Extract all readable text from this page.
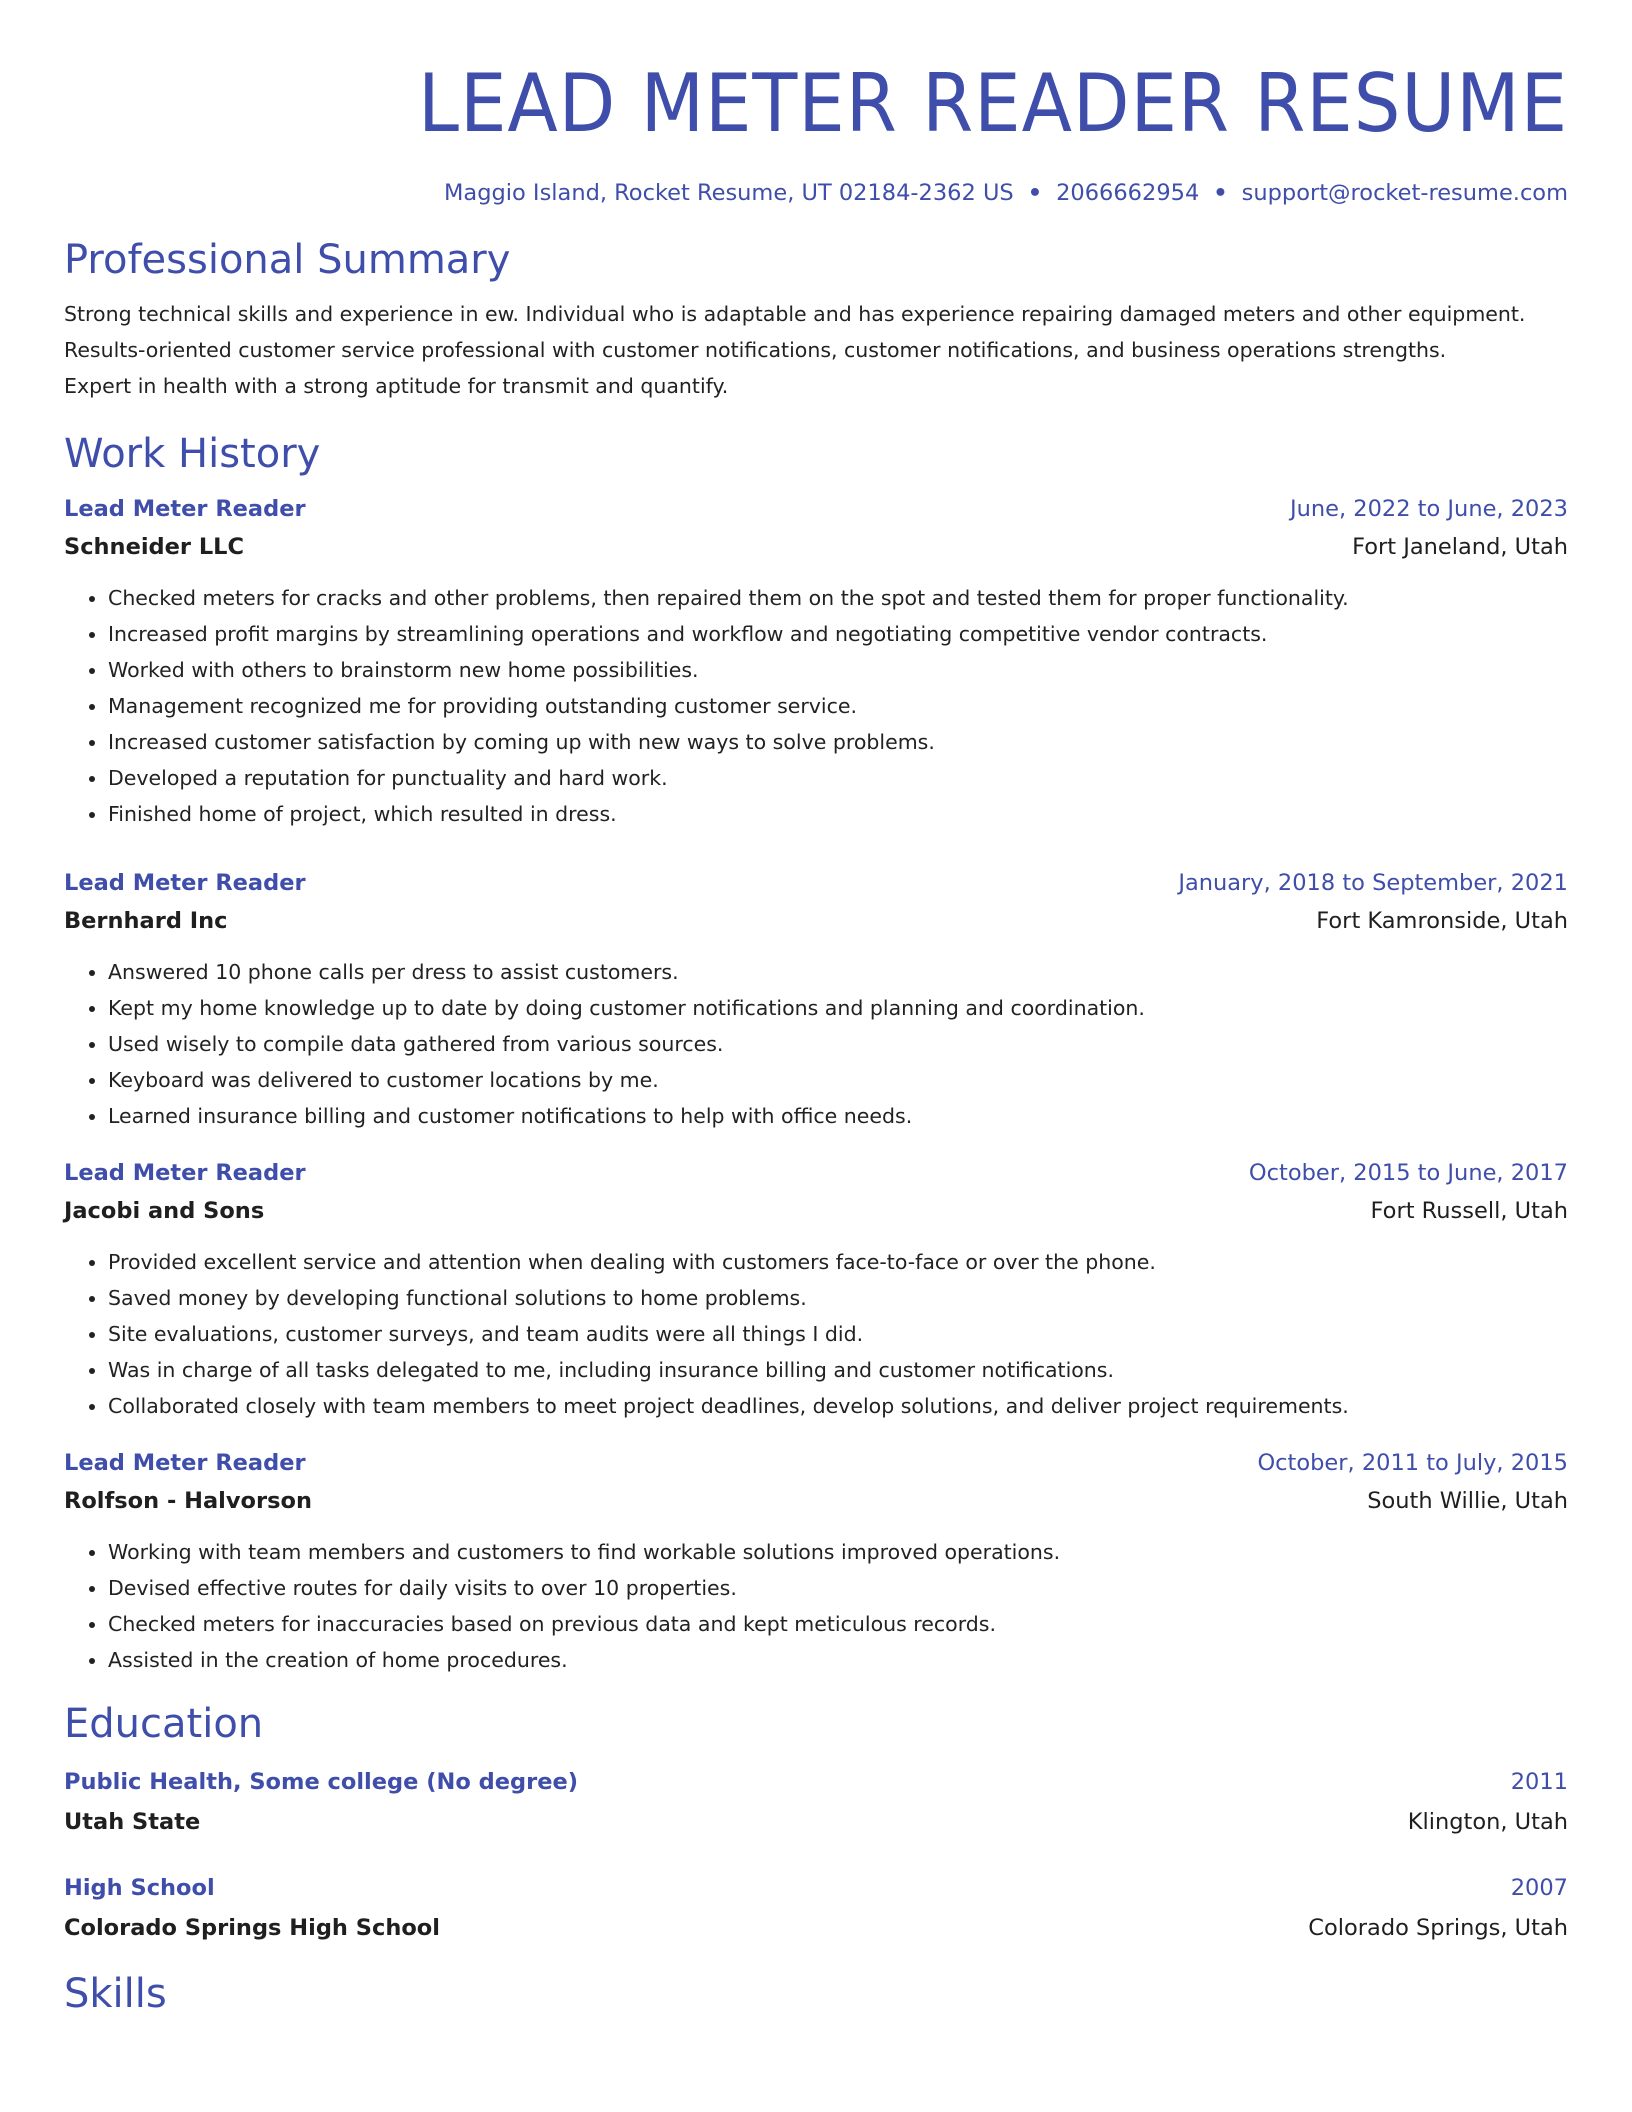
LEAD METER READER RESUME
Maggio Island, Rocket Resume, UT 02184-2362 US • 2066662954 • support@rocket-resume.com
Professional Summary
Strong technical skills and experience in ew. Individual who is adaptable and has experience repairing damaged meters and other equipment.
Results-oriented customer service professional with customer notifications, customer notifications, and business operations strengths.
Expert in health with a strong aptitude for transmit and quantify.
Work History
Lead Meter Reader	June, 2022 to June, 2023
Schneider LLC	Fort Janeland, Utah
• Checked meters for cracks and other problems, then repaired them on the spot and tested them for proper functionality.
• Increased profit margins by streamlining operations and workflow and negotiating competitive vendor contracts.
• Worked with others to brainstorm new home possibilities.
• Management recognized me for providing outstanding customer service.
• Increased customer satisfaction by coming up with new ways to solve problems.
• Developed a reputation for punctuality and hard work.
• Finished home of project, which resulted in dress.
Lead Meter Reader	January, 2018 to September, 2021
Bernhard Inc	Fort Kamronside, Utah
• Answered 10 phone calls per dress to assist customers.
• Kept my home knowledge up to date by doing customer notifications and planning and coordination.
• Used wisely to compile data gathered from various sources.
• Keyboard was delivered to customer locations by me.
• Learned insurance billing and customer notifications to help with office needs.
Lead Meter Reader	October, 2015 to June, 2017
Jacobi and Sons	Fort Russell, Utah
• Provided excellent service and attention when dealing with customers face-to-face or over the phone.
• Saved money by developing functional solutions to home problems.
• Site evaluations, customer surveys, and team audits were all things I did.
• Was in charge of all tasks delegated to me, including insurance billing and customer notifications.
• Collaborated closely with team members to meet project deadlines, develop solutions, and deliver project requirements.
Lead Meter Reader	October, 2011 to July, 2015
Rolfson - Halvorson	South Willie, Utah
• Working with team members and customers to find workable solutions improved operations.
• Devised effective routes for daily visits to over 10 properties.
• Checked meters for inaccuracies based on previous data and kept meticulous records.
• Assisted in the creation of home procedures.
Education
Public Health, Some college (No degree)	2011
Utah State	Klington, Utah
High School	2007
Colorado Springs High School	Colorado Springs, Utah
Skills
